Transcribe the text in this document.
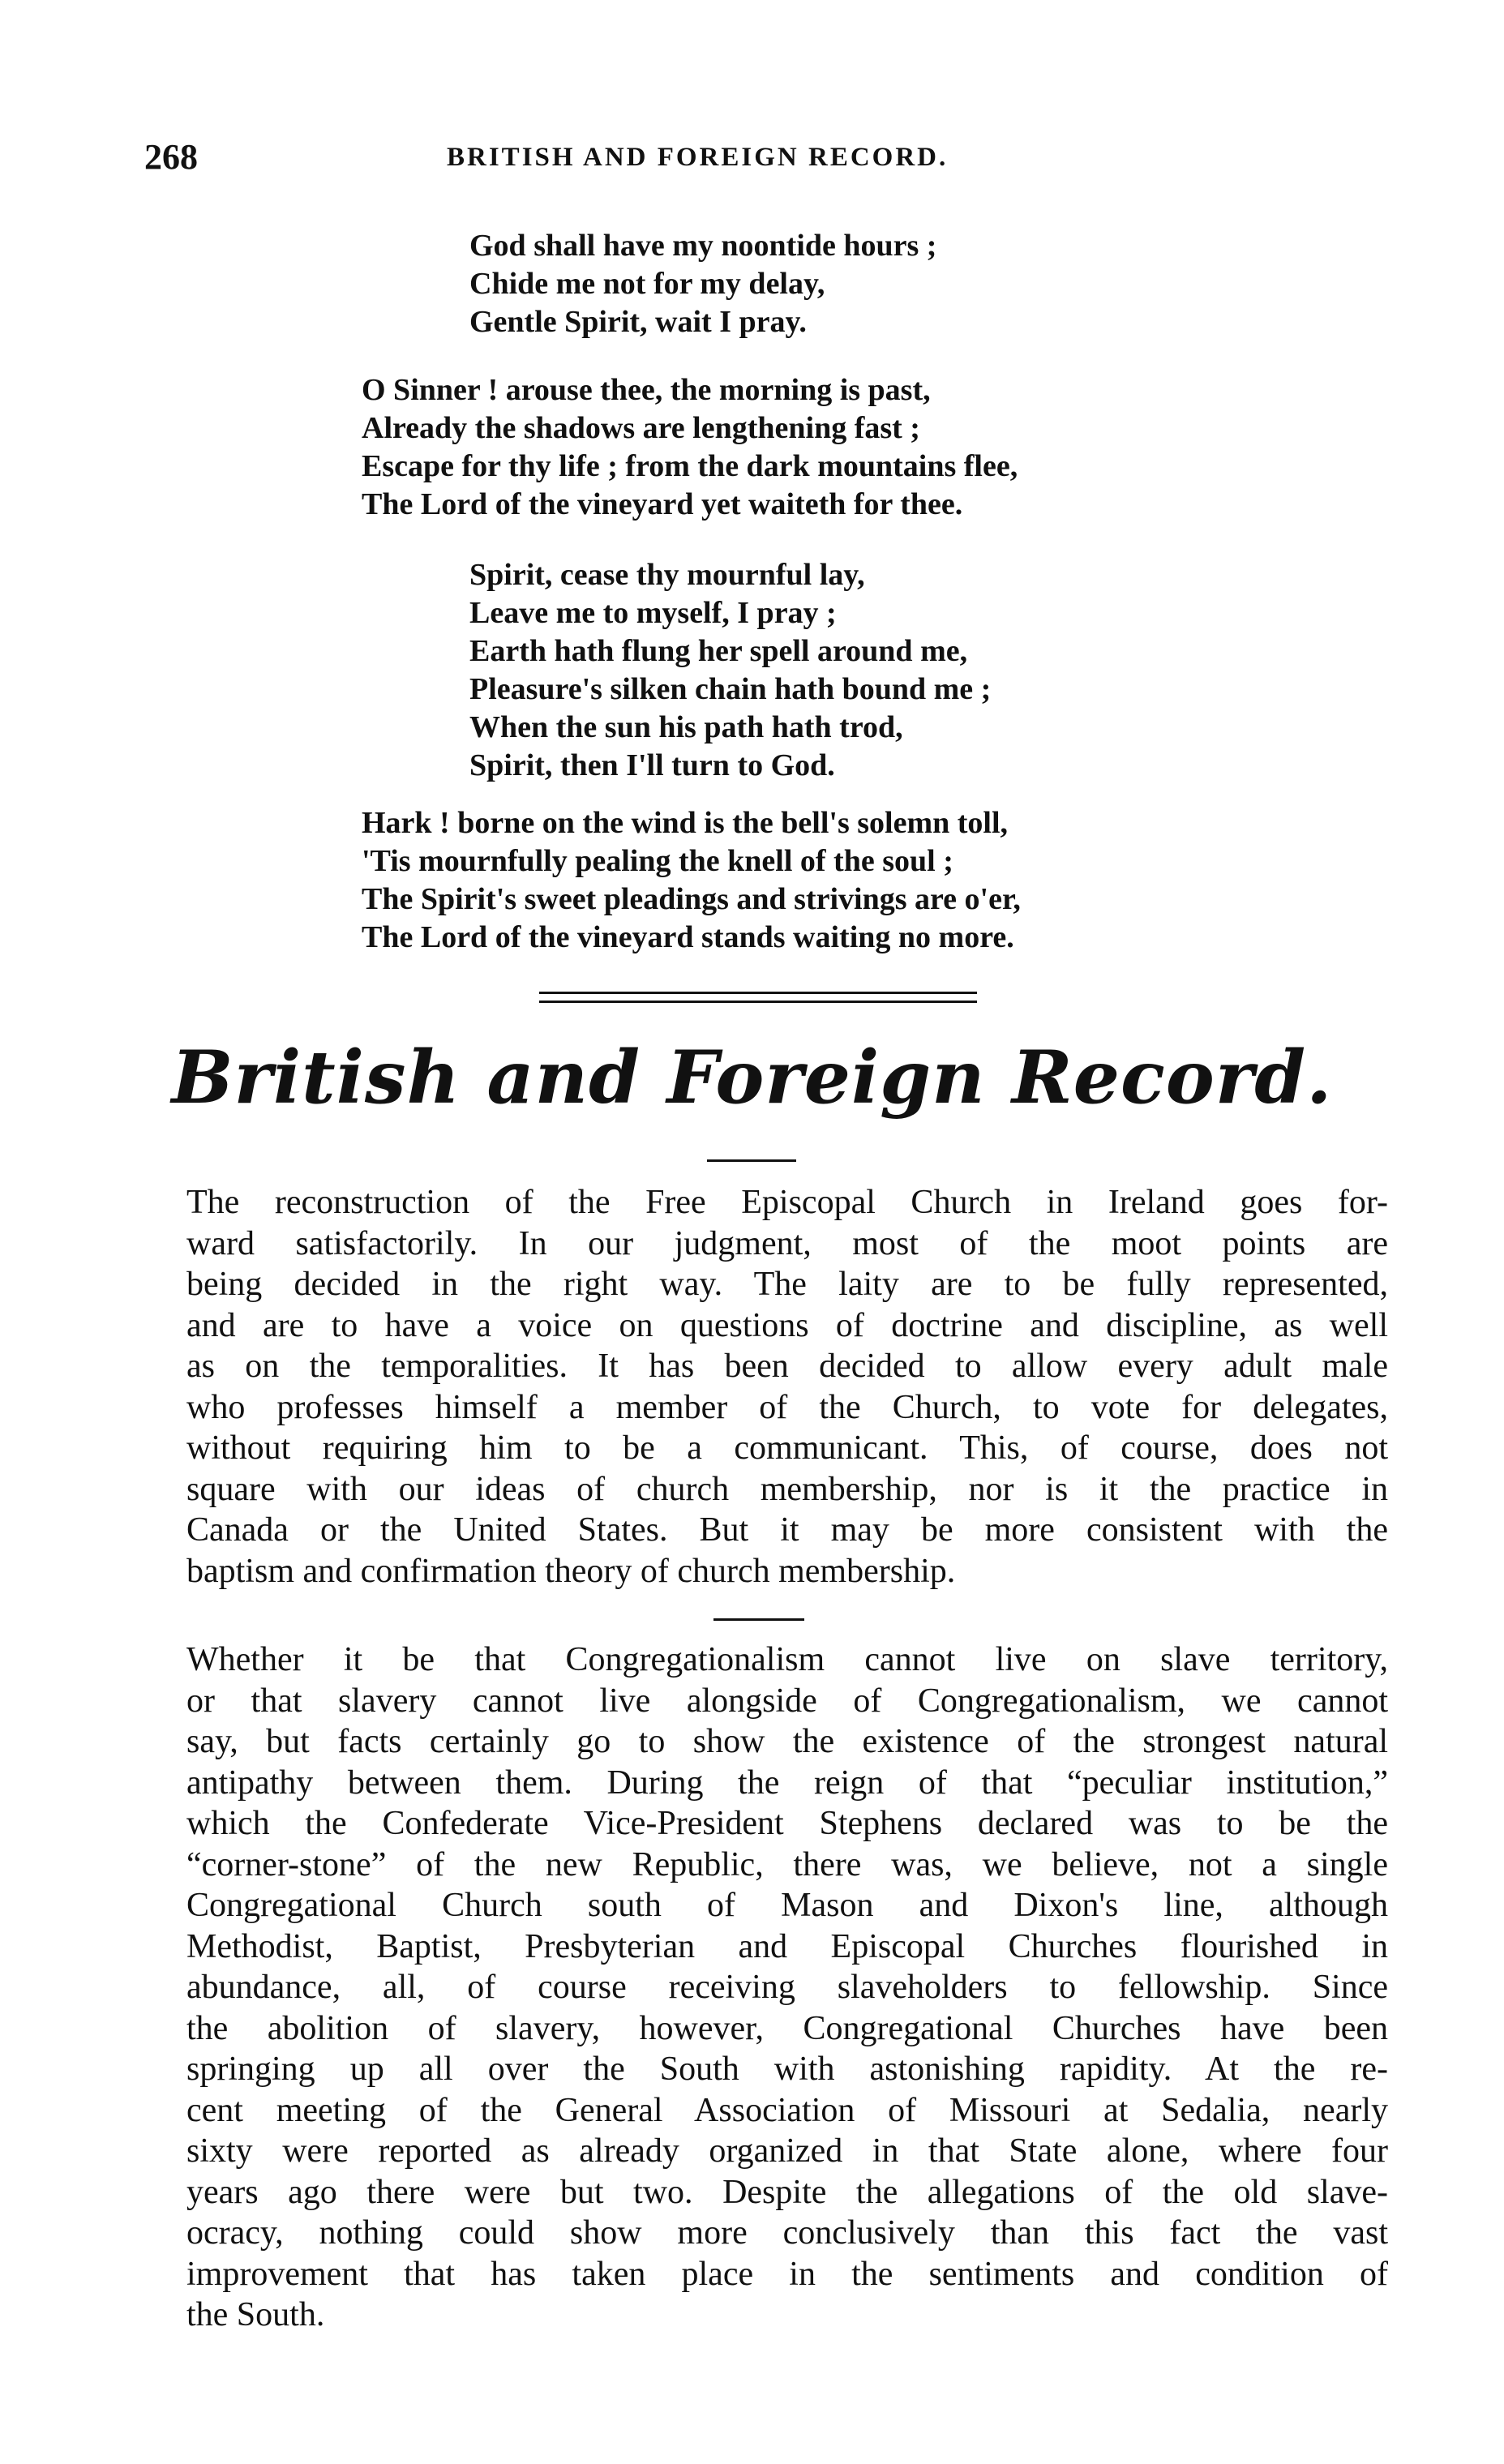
268	BRITISH AND FOREIGN RECORD.
God shall have my noontide hours ;
Chide me not for my delay,
Gentle Spirit, wait I pray.
O Sinner ! arouse thee, the morning is past,
Already the shadows are lengthening fast ;
Escape for thy life ; from the dark mountains flee,
The Lord of the vineyard yet waiteth for thee.
Spirit, cease thy mournful lay,
Leave me to myself, I pray ;
Earth hath flung her spell around me,
Pleasure's silken chain hath bound me ;
When the sun his path hath trod,
Spirit, then I'll turn to God.
Hark ! borne on the wind is the bell's solemn toll,
'Tis mournfully pealing the knell of the soul ;
The Spirit's sweet pleadings and strivings are o'er,
The Lord of the vineyard stands waiting no more.
British and Foreign Record.
The reconstruction of the Free Episcopal Church in Ireland goes for-
ward satisfactorily. In our judgment, most of the moot points are
being decided in the right way. The laity are to be fully represented,
and are to have a voice on questions of doctrine and discipline, as well
as on the temporalities. It has been decided to allow every adult male
who professes himself a member of the Church, to vote for delegates,
without requiring him to be a communicant. This, of course, does not
square with our ideas of church membership, nor is it the practice in
Canada or the United States. But it may be more consistent with the
baptism and confirmation theory of church membership.
Whether it be that Congregationalism cannot live on slave territory,
or that slavery cannot live alongside of Congregationalism, we cannot
say, but facts certainly go to show the existence of the strongest natural
antipathy between them. During the reign of that “peculiar institution,”
which the Confederate Vice-President Stephens declared was to be the
“corner-stone” of the new Republic, there was, we believe, not a single
Congregational Church south of Mason and Dixon's line, although
Methodist, Baptist, Presbyterian and Episcopal Churches flourished in
abundance, all, of course receiving slaveholders to fellowship. Since
the abolition of slavery, however, Congregational Churches have been
springing up all over the South with astonishing rapidity. At the re-
cent meeting of the General Association of Missouri at Sedalia, nearly
sixty were reported as already organized in that State alone, where four
years ago there were but two. Despite the allegations of the old slave-
ocracy, nothing could show more conclusively than this fact the vast
improvement that has taken place in the sentiments and condition of
the South.
